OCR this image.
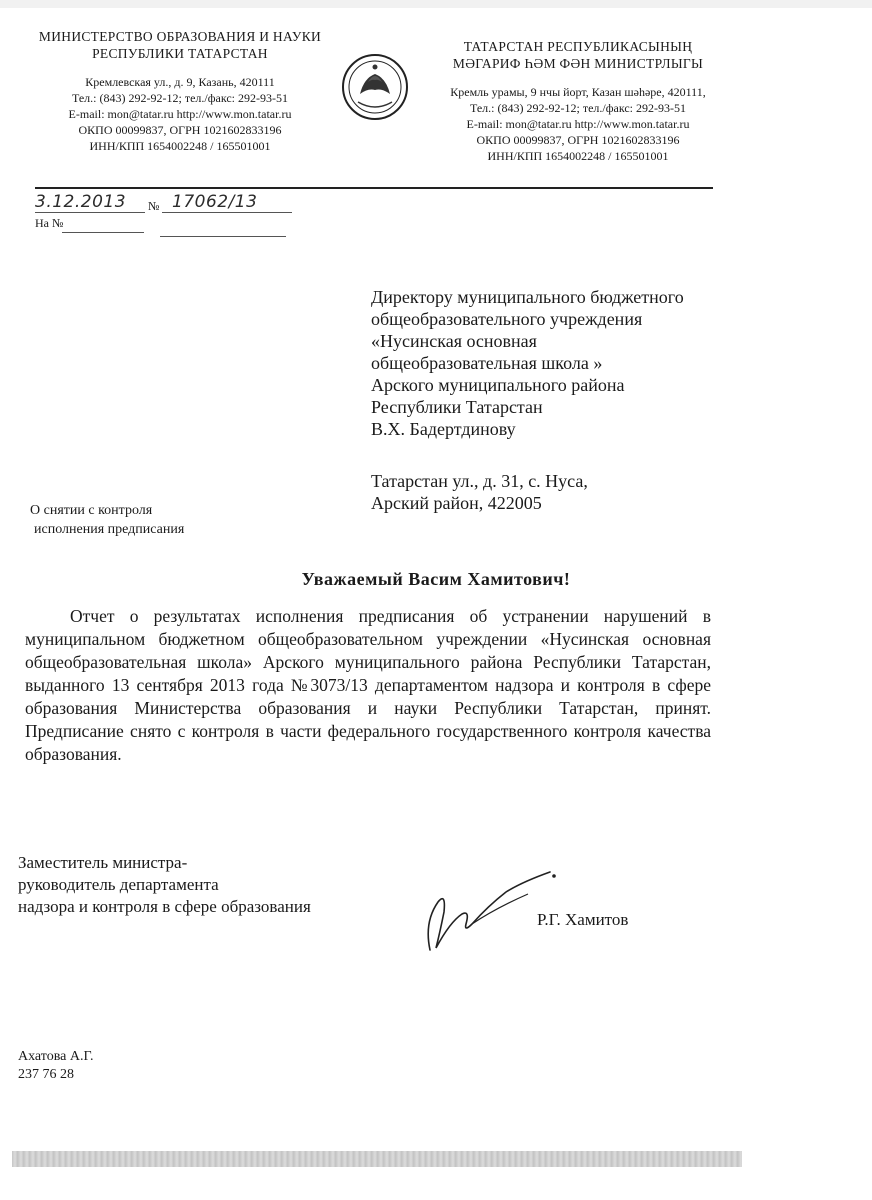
МИНИСТЕРСТВО ОБРАЗОВАНИЯ И НАУКИ
РЕСПУБЛИКИ ТАТАРСТАН
Кремлевская ул., д. 9, Казань, 420111
Тел.: (843) 292-92-12; тел./факс: 292-93-51
E-mail: mon@tatar.ru http://www.mon.tatar.ru
ОКПО 00099837, ОГРН 1021602833196
ИНН/КПП 1654002248 / 165501001
ТАТАРСТАН РЕСПУБЛИКАСЫНЫҢ
МӘГАРИФ ҺӘМ ФӘН МИНИСТРЛЫГЫ
Кремль урамы, 9 нчы йорт, Казан шәһәре, 420111,
Тел.: (843) 292-92-12; тел./факс: 292-93-51
E-mail: mon@tatar.ru http://www.mon.tatar.ru
ОКПО 00099837, ОГРН 1021602833196
ИНН/КПП 1654002248 / 165501001
3.12.2013	№ 17062/13
На №
Директору муниципального бюджетного
общеобразовательного учреждения
«Нусинская основная
общеобразовательная школа »
Арского муниципального района
Республики Татарстан
В.Х. Бадертдинову
Татарстан ул., д. 31, с. Нуса,
Арский район, 422005
О снятии с контроля
исполнения предписания
Уважаемый Васим Хамитович!
Отчет о результатах исполнения предписания об устранении нарушений в муниципальном бюджетном общеобразовательном учреждении «Нусинская основная общеобразовательная школа» Арского муниципального района Республики Татарстан, выданного 13 сентября 2013 года №3073/13 департаментом надзора и контроля в сфере образования Министерства образования и науки Республики Татарстан, принят. Предписание снято с контроля в части федерального государственного контроля качества образования.
Заместитель министра-
руководитель департамента
надзора и контроля в сфере образования
Р.Г. Хамитов
Ахатова А.Г.
237 76 28
